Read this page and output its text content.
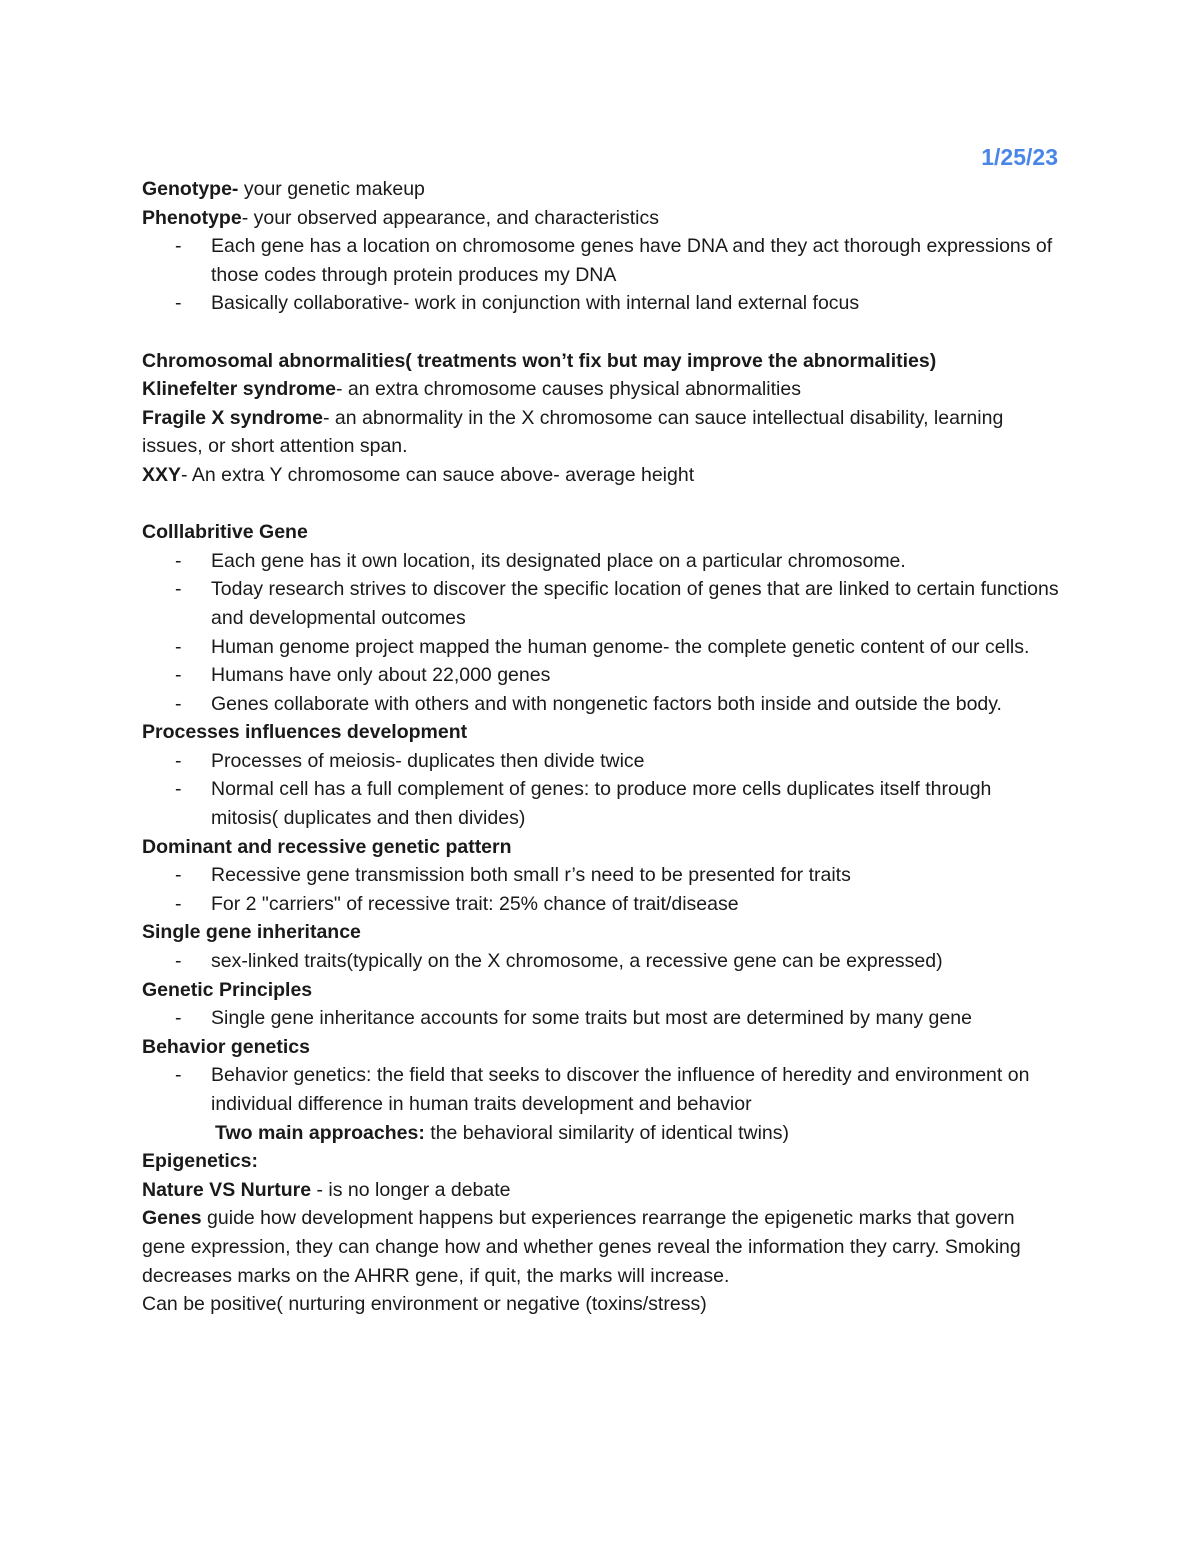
1/25/23

Genotype- your genetic makeup

Phenotype- your observed appearance, and characteristics

- Each gene has a location on chromosome genes have DNA and they act thorough expressions of those codes through protein produces my DNA
- Basically collaborative- work in conjunction with internal land external focus

Chromosomal abnormalities( treatments won’t fix but may improve the abnormalities)

Klinefelter syndrome- an extra chromosome causes physical abnormalities

Fragile X syndrome- an abnormality in the X chromosome can sauce intellectual disability, learning issues, or short attention span.

XXY- An extra Y chromosome can sauce above- average height

Colllabritive Gene

- Each gene has it own location, its designated place on a particular chromosome.
- Today research strives to discover the specific location of genes that are linked to certain functions and developmental outcomes
- Human genome project mapped the human genome- the complete genetic content of our cells.
- Humans have only about 22,000 genes
- Genes collaborate with others and with nongenetic factors both inside and outside the body.

Processes influences development

- Processes of meiosis- duplicates then divide twice
- Normal cell has a full complement of genes: to produce more cells duplicates itself through mitosis( duplicates and then divides)

Dominant and recessive genetic pattern

- Recessive gene transmission both small r’s need to be presented for traits
- For 2 "carriers" of recessive trait: 25% chance of trait/disease

Single gene inheritance

- sex-linked traits(typically on the X chromosome, a recessive gene can be expressed)

Genetic Principles

- Single gene inheritance accounts for some traits but most are determined by many gene

Behavior genetics

- Behavior genetics: the field that seeks to discover the influence of heredity and environment on individual difference in human traits development and behavior

Two main approaches: the behavioral similarity of identical twins)

Epigenetics:

Nature VS Nurture - is no longer a debate

Genes guide how development happens but experiences rearrange the epigenetic marks that govern gene expression, they can change how and whether genes reveal the information they carry. Smoking decreases marks on the AHRR gene, if quit, the marks will increase.

Can be positive( nurturing environment or negative (toxins/stress)
